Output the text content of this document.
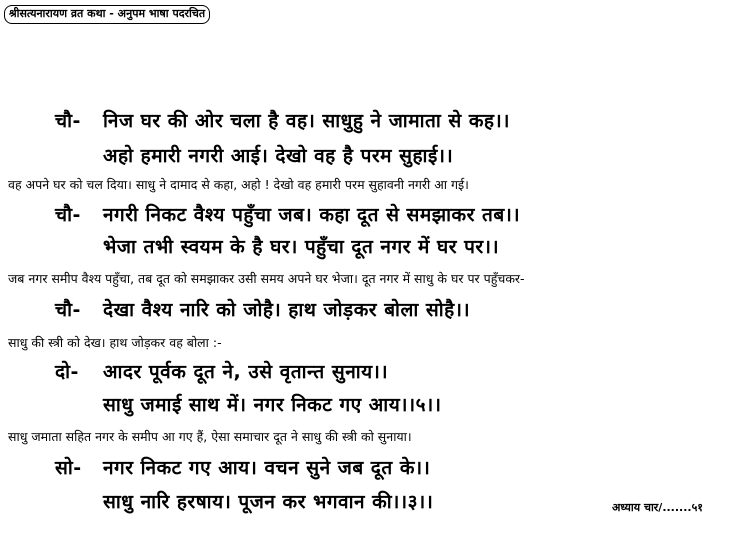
श्रीसत्यनारायण व्रत कथा - अनुपम भाषा पदरचित
चौ- निज घर की ओर चला है वह। साधुहु ने जामाता से कह।।
अहो हमारी नगरी आई। देखो वह है परम सुहाई।।
वह अपने घर को चल दिया। साधु ने दामाद से कहा, अहो ! देखो वह हमारी परम सुहावनी नगरी आ गई।
चौ- नगरी निकट वैश्य पहुँचा जब। कहा दूत से समझाकर तब।।
भेजा तभी स्वयम के है घर। पहुँचा दूत नगर में घर पर।।
जब नगर समीप वैश्य पहुँचा, तब दूत को समझाकर उसी समय अपने घर भेजा। दूत नगर में साधु के घर पर पहुँचकर-
चौ- देखा वैश्य नारि को जोहै। हाथ जोड़कर बोला सोहै।।
साधु की स्त्री को देख। हाथ जोड़कर वह बोला :-
दो- आदर पूर्वक दूत ने, उसे वृतान्त सुनाय।।
साधु जमाई साथ में। नगर निकट गए आय।।५।।
साधु जमाता सहित नगर के समीप आ गए हैं, ऐसा समाचार दूत ने साधु की स्त्री को सुनाया।
सो- नगर निकट गए आय। वचन सुने जब दूत के।।
साधु नारि हरषाय। पूजन कर भगवान की।।३।।	अध्याय चार/.......५१
